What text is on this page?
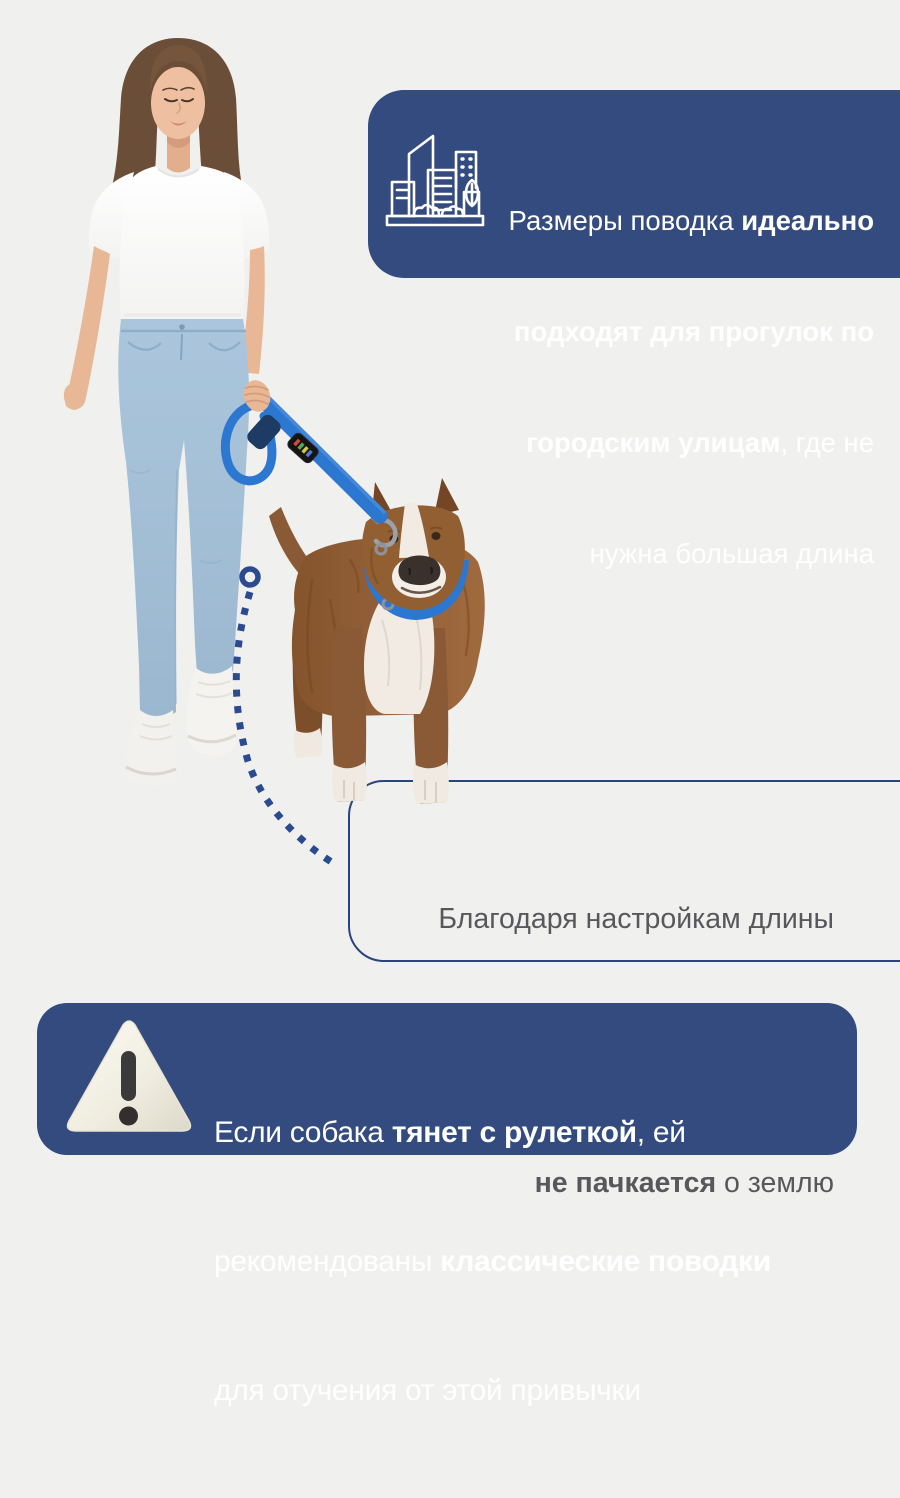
Благодаря настройкам длины

не пачкается о землю

Размеры поводка идеально

подходят для прогулок по

городским улицам, где не

нужна большая длина

Если собака тянет с рулеткой, ей

рекомендованы классические поводки

для отучения от этой привычки
